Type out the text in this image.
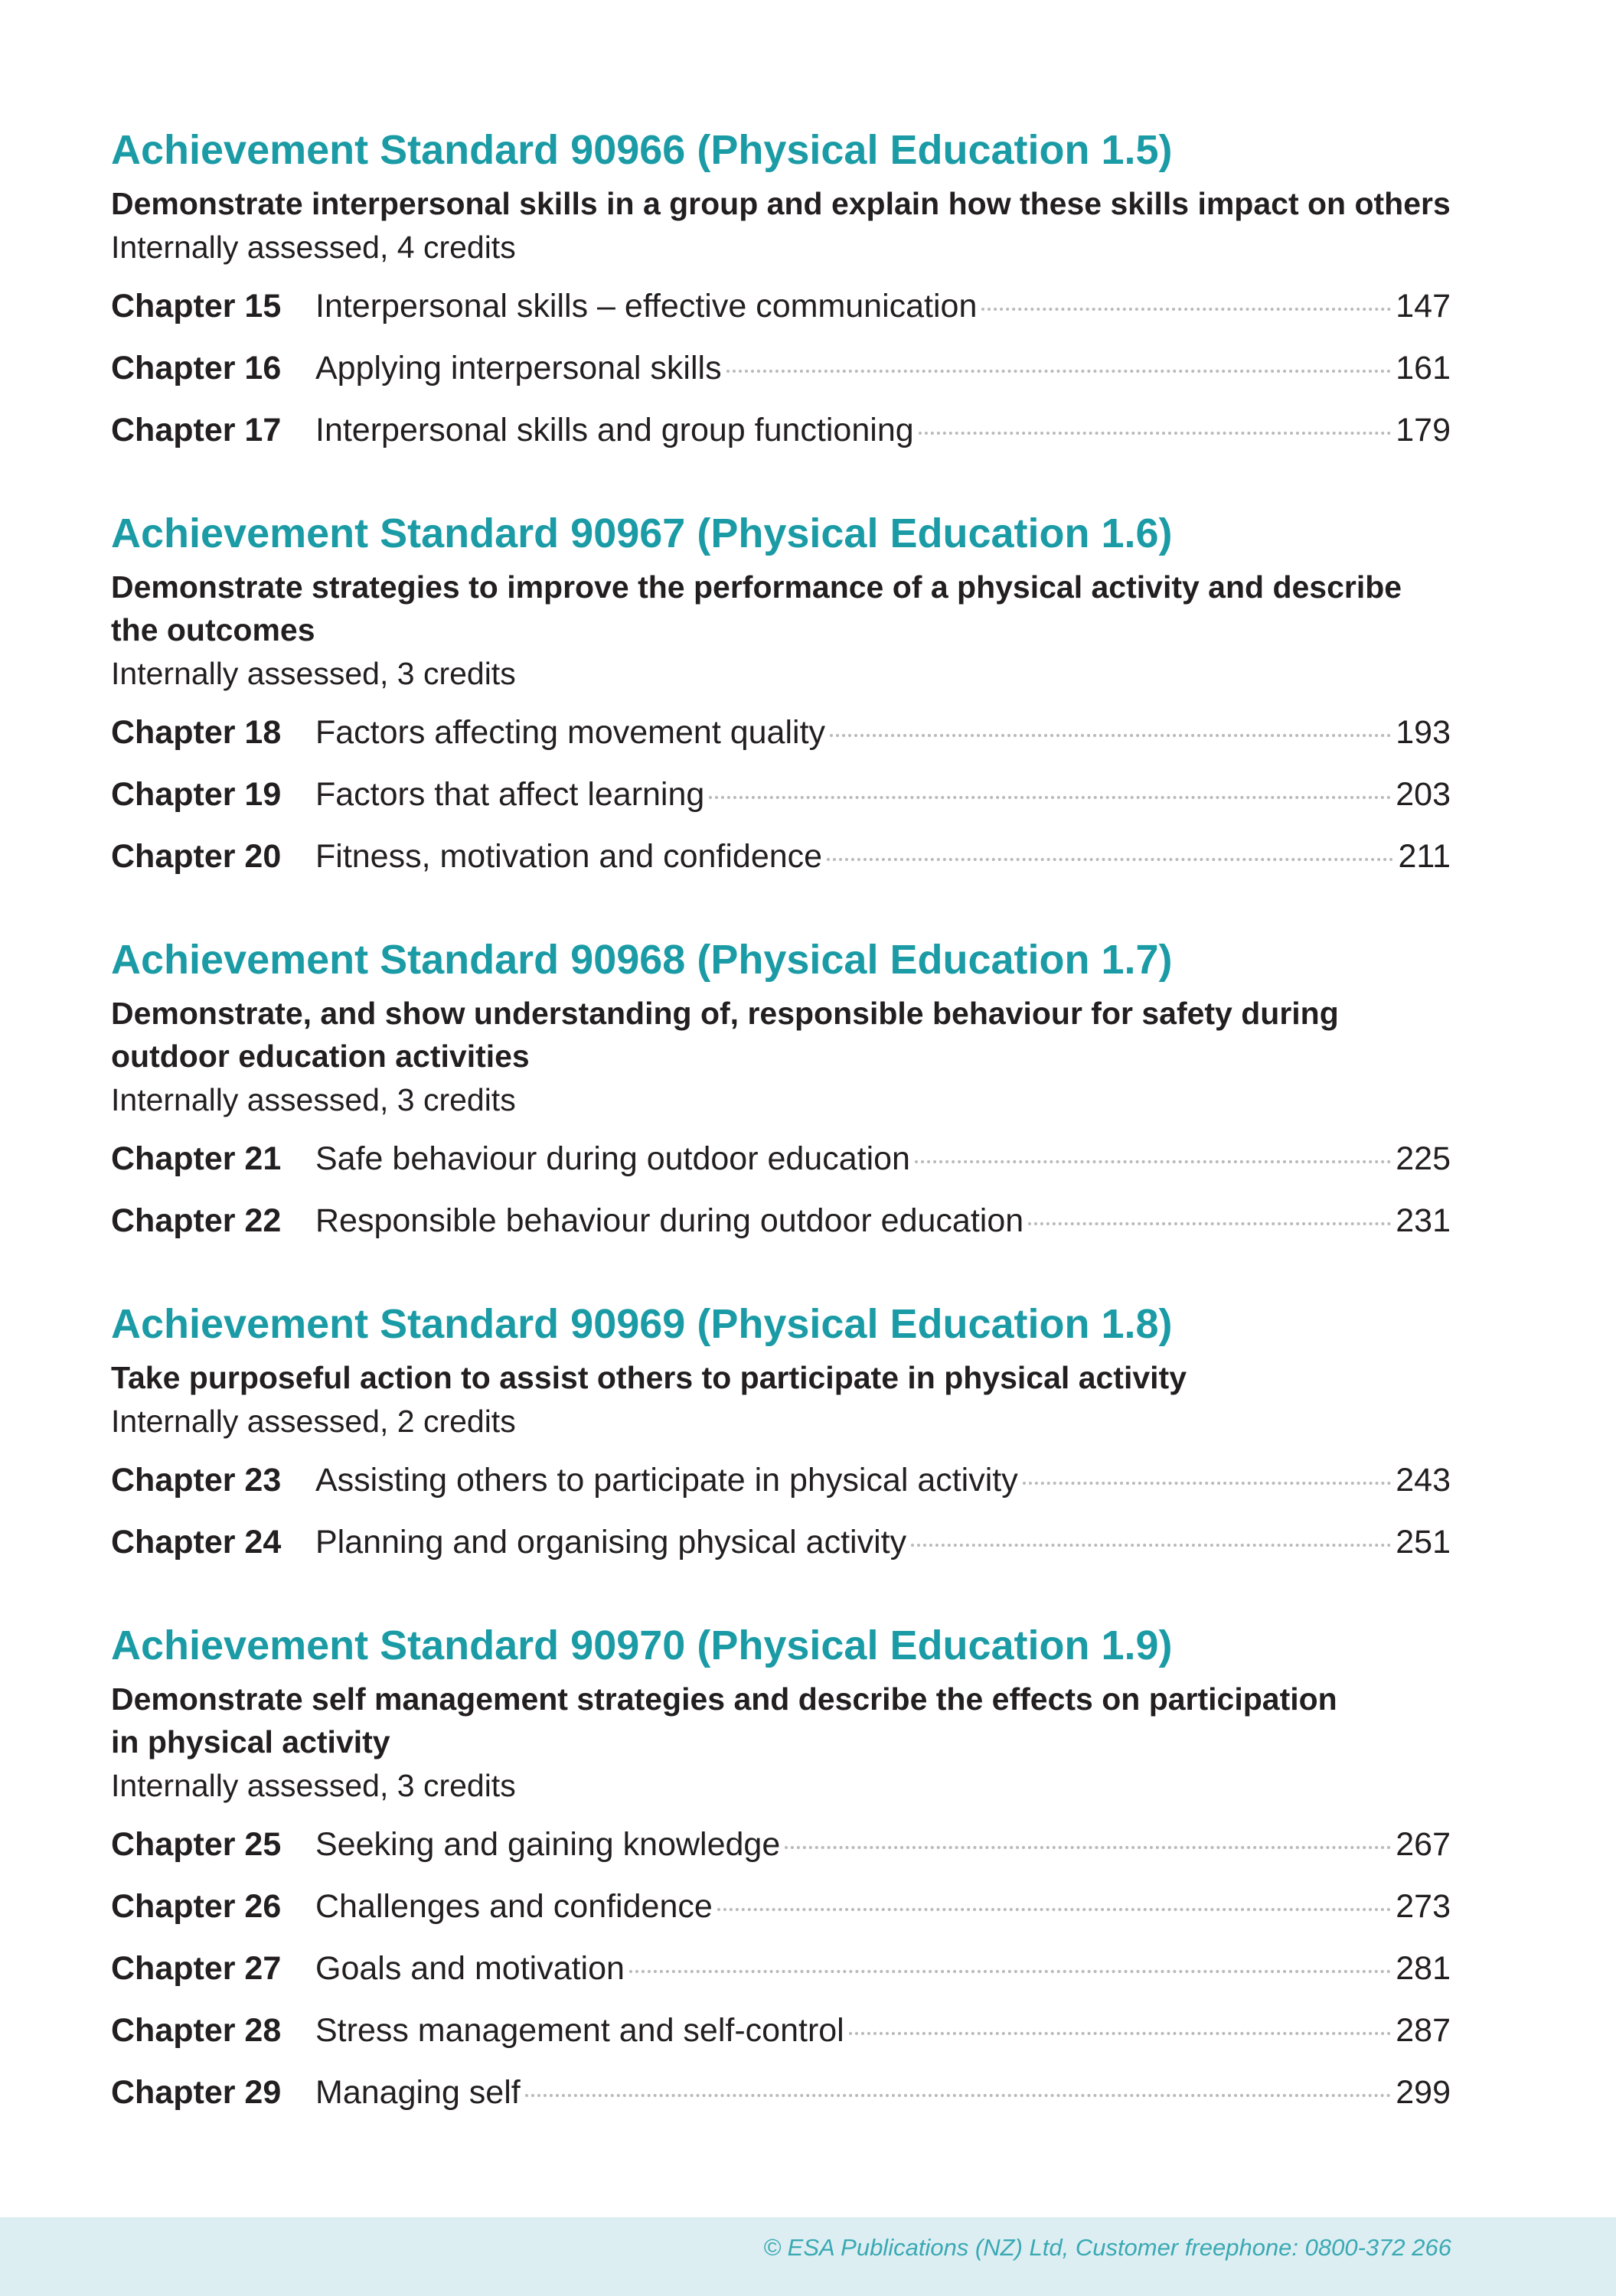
Achievement Standard 90966 (Physical Education 1.5)
Demonstrate interpersonal skills in a group and explain how these skills impact on others
Internally assessed, 4 credits
Chapter 15	Interpersonal skills – effective communication	147
Chapter 16	Applying interpersonal skills	161
Chapter 17	Interpersonal skills and group functioning	179
Achievement Standard 90967 (Physical Education 1.6)
Demonstrate strategies to improve the performance of a physical activity and describe
the outcomes
Internally assessed, 3 credits
Chapter 18	Factors affecting movement quality	193
Chapter 19	Factors that affect learning	203
Chapter 20	Fitness, motivation and confidence	211
Achievement Standard 90968 (Physical Education 1.7)
Demonstrate, and show understanding of, responsible behaviour for safety during
outdoor education activities
Internally assessed, 3 credits
Chapter 21	Safe behaviour during outdoor education	225
Chapter 22	Responsible behaviour during outdoor education	231
Achievement Standard 90969 (Physical Education 1.8)
Take purposeful action to assist others to participate in physical activity
Internally assessed, 2 credits
Chapter 23	Assisting others to participate in physical activity	243
Chapter 24	Planning and organising physical activity	251
Achievement Standard 90970 (Physical Education 1.9)
Demonstrate self management strategies and describe the effects on participation
in physical activity
Internally assessed, 3 credits
Chapter 25	Seeking and gaining knowledge	267
Chapter 26	Challenges and confidence	273
Chapter 27	Goals and motivation	281
Chapter 28	Stress management and self-control	287
Chapter 29	Managing self	299
© ESA Publications (NZ) Ltd, Customer freephone: 0800-372 266
